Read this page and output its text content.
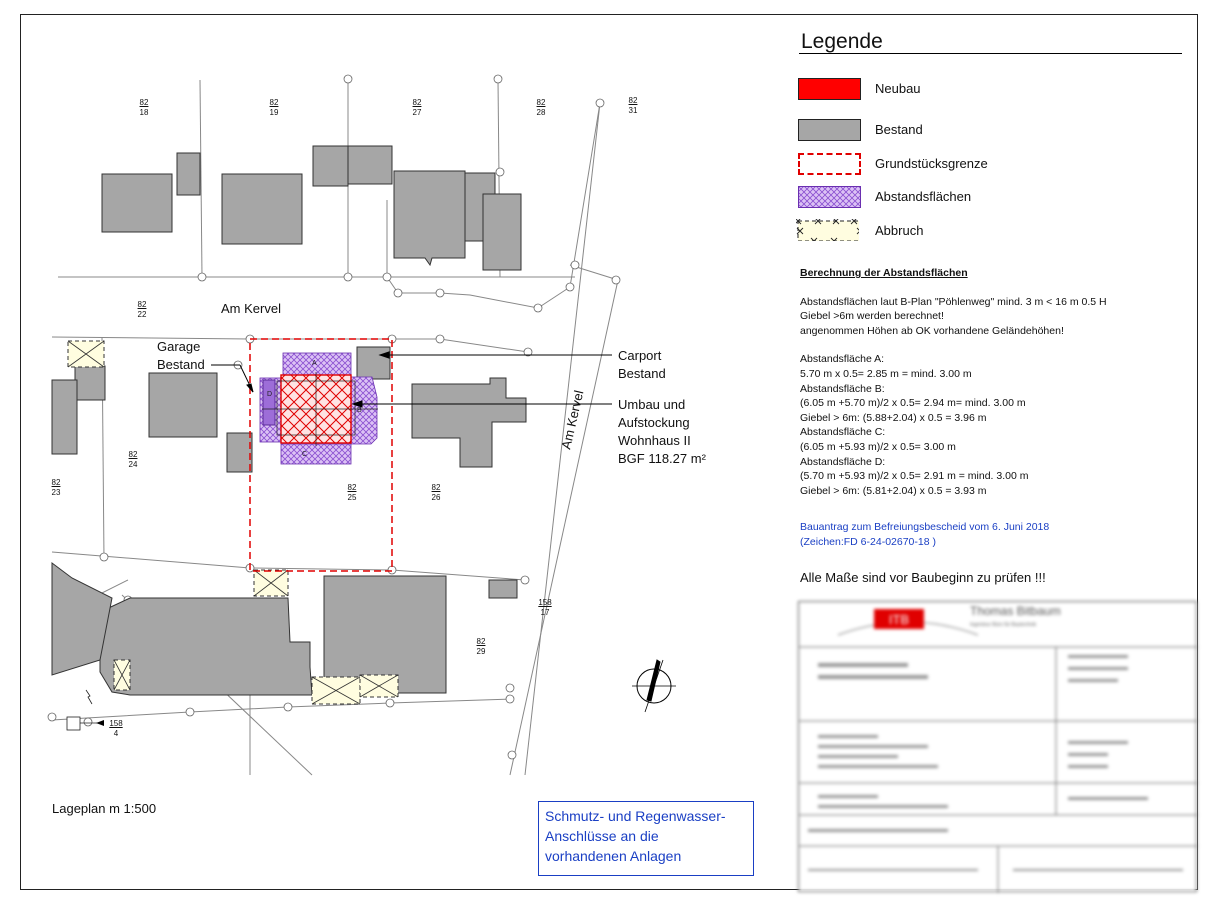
A
B
C
D	Am Kervel
Am Kervel
Garage
Bestand
Carport
Bestand
Umbau und
Aufstockung
Wohnhaus II
BGF 118.27 m²
82
18
82
19
82
27
82
28
82
31
82
22
82
24
82
23
82
25
82
26
158
17
82
29
158
4
Legende
Neubau
Bestand
Grundstücksgrenze
Abstandsflächen
Abbruch
Berechnung der Abstandsflächen
Abstandsflächen laut B-Plan "Pöhlenweg" mind. 3 m < 16 m 0.5 H
Giebel >6m werden berechnet!
angenommen Höhen ab OK vorhandene Geländehöhen!
Abstandsfläche A:
5.70 m x 0.5= 2.85 m = mind. 3.00 m
Abstandsfläche B:
(6.05 m +5.70 m)/2 x 0.5= 2.94 m= mind. 3.00 m
Giebel > 6m: (5.88+2.04) x 0.5 = 3.96 m
Abstandsfläche C:
(6.05 m +5.93 m)/2 x 0.5= 3.00 m
Abstandsfläche D:
(5.70 m +5.93 m)/2 x 0.5= 2.91 m = mind. 3.00 m
Giebel > 6m: (5.81+2.04) x 0.5 = 3.93 m
Bauantrag zum Befreiungsbescheid vom 6. Juni 2018
(Zeichen:FD 6-24-02670-18 )
Alle Maße sind vor Baubeginn zu prüfen !!!
Lageplan m 1:500	Schmutz- und Regenwasser-
Anschlüsse an die
vorhandenen Anlagen
ITB
Thomas Bitbaum
Ingenieur Büro für Bautechnik
